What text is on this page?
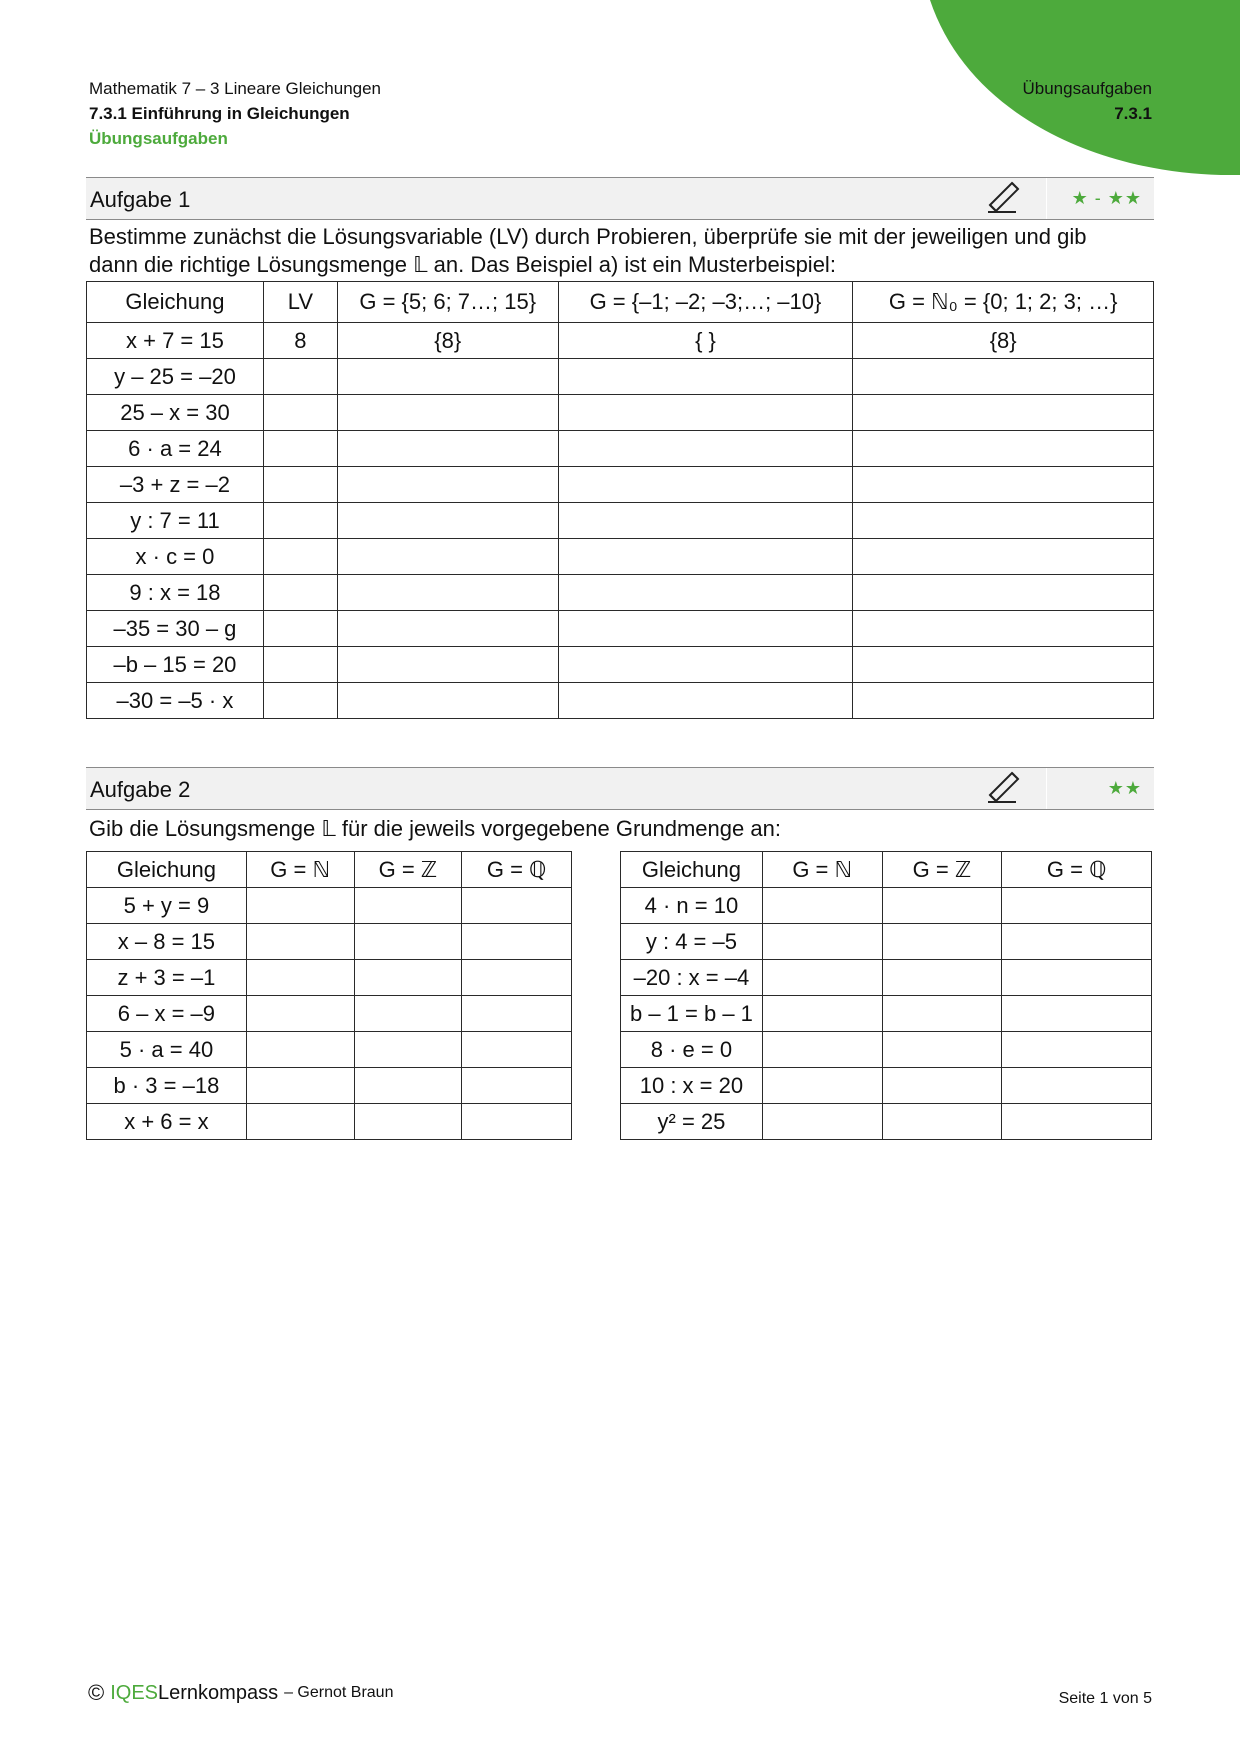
Mathematik 7 – 3 Lineare Gleichungen
7.3.1 Einführung in Gleichungen
Übungsaufgaben
Übungsaufgaben
7.3.1
Aufgabe 1	★ - ★★
Bestimme zunächst die Lösungsvariable (LV) durch Probieren, überprüfe sie mit der jeweiligen und gib
dann die richtige Lösungsmenge 𝕃 an. Das Beispiel a) ist ein Musterbeispiel:
Gleichung	LV	G = {5; 6; 7…; 15}	G = {–1; –2; –3;…; –10}	G = ℕ₀ = {0; 1; 2; 3; …}
x + 7 = 15	8	{8}	{ }	{8}
y – 25 = –20				
25 – x = 30				
6 · a = 24				
–3 + z = –2				
y : 7 = 11				
x · c = 0				
9 : x = 18				
–35 = 30 – g				
–b – 15 = 20				
–30 = –5 · x				
Aufgabe 2	★★
Gib die Lösungsmenge 𝕃 für die jeweils vorgegebene Grundmenge an:
Gleichung	G = ℕ	G = ℤ	G = ℚ
5 + y = 9			
x – 8 = 15			
z + 3 = –1			
6 – x = –9			
5 · a = 40			
b · 3 = –18			
x + 6 = x			
Gleichung	G = ℕ	G = ℤ	G = ℚ
4 · n = 10			
y : 4 = –5			
–20 : x = –4			
b – 1 = b – 1			
8 · e = 0			
10 : x = 20			
y² = 25			
© IQES Lernkompass – Gernot Braun	Seite 1 von 5
